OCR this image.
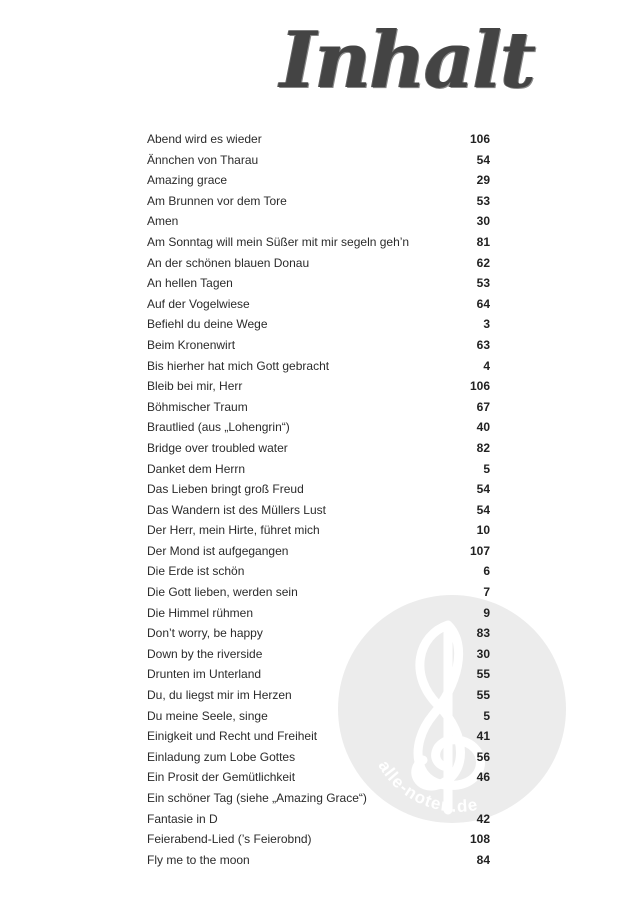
Inhalt
alle-noten.de
Abend wird es wieder	106
Ännchen von Tharau	54
Amazing grace	29
Am Brunnen vor dem Tore	53
Amen	30
Am Sonntag will mein Süßer mit mir segeln geh’n	81
An der schönen blauen Donau	62
An hellen Tagen	53
Auf der Vogelwiese	64
Befiehl du deine Wege	3
Beim Kronenwirt	63
Bis hierher hat mich Gott gebracht	4
Bleib bei mir, Herr	106
Böhmischer Traum	67
Brautlied (aus „Lohengrin“)	40
Bridge over troubled water	82
Danket dem Herrn	5
Das Lieben bringt groß Freud	54
Das Wandern ist des Müllers Lust	54
Der Herr, mein Hirte, führet mich	10
Der Mond ist aufgegangen	107
Die Erde ist schön	6
Die Gott lieben, werden sein	7
Die Himmel rühmen	9
Don’t worry, be happy	83
Down by the riverside	30
Drunten im Unterland	55
Du, du liegst mir im Herzen	55
Du meine Seele, singe	5
Einigkeit und Recht und Freiheit	41
Einladung zum Lobe Gottes	56
Ein Prosit der Gemütlichkeit	46
Ein schöner Tag (siehe „Amazing Grace“)
Fantasie in D	42
Feierabend-Lied (’s Feierobnd)	108
Fly me to the moon	84
